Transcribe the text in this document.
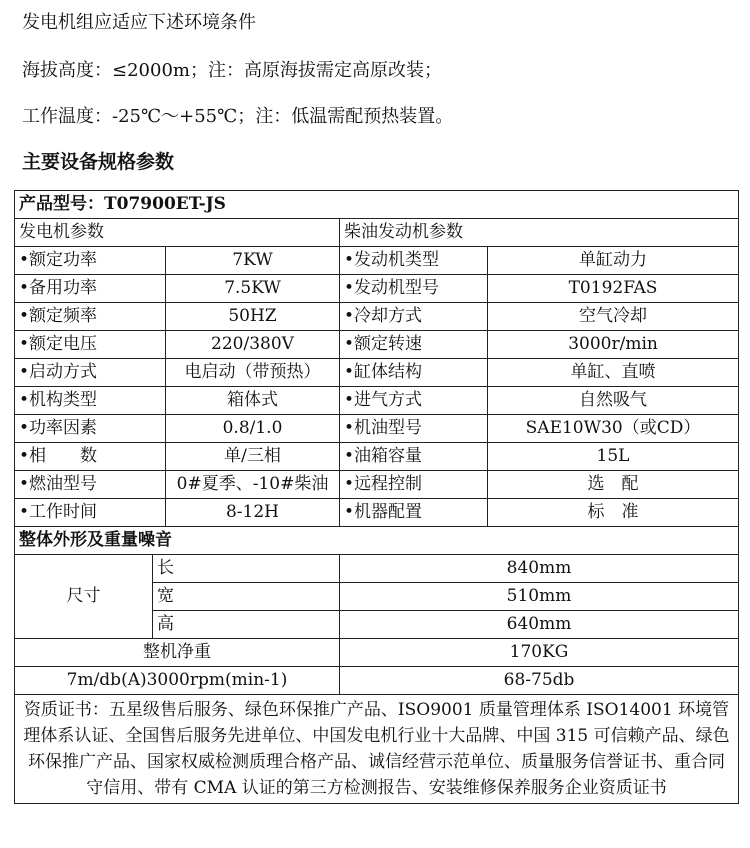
发电机组应适应下述环境条件
海拔高度：≤2000m；注：高原海拔需定高原改装；
工作温度：-25℃～+55℃；注：低温需配预热装置。
主要设备规格参数
产品型号：T07900ET-JS				
发电机参数			柴油发动机参数	
•额定功率		7KW	•发动机类型	单缸动力
•备用功率		7.5KW	•发动机型号	T0192FAS
•额定频率		50HZ	•冷却方式	空气冷却
•额定电压		220/380V	•额定转速	3000r/min
•启动方式		电启动（带预热）	•缸体结构	单缸、直喷
•机构类型		箱体式	•进气方式	自然吸气
•功率因素		0.8/1.0	•机油型号	SAE10W30（或CD）
•相　　数		单/三相	•油箱容量	15L
•燃油型号		0#夏季、-10#柴油	•远程控制	选　配
•工作时间		8-12H	•机器配置	标　准
整体外形及重量噪音				
尺寸	长		840mm	
	宽		510mm	
	高		640mm	
整机净重			170KG	
7m/db(A)3000rpm(min-1)			68-75db	
资质证书：五星级售后服务、绿色环保推广产品、ISO9001 质量管理体系 ISO14001 环境管理体系认证、全国售后服务先进单位、中国发电机行业十大品牌、中国 315 可信赖产品、绿色环保推广产品、国家权威检测质理合格产品、诚信经营示范单位、质量服务信誉证书、重合同守信用、带有 CMA 认证的第三方检测报告、安装维修保养服务企业资质证书				
